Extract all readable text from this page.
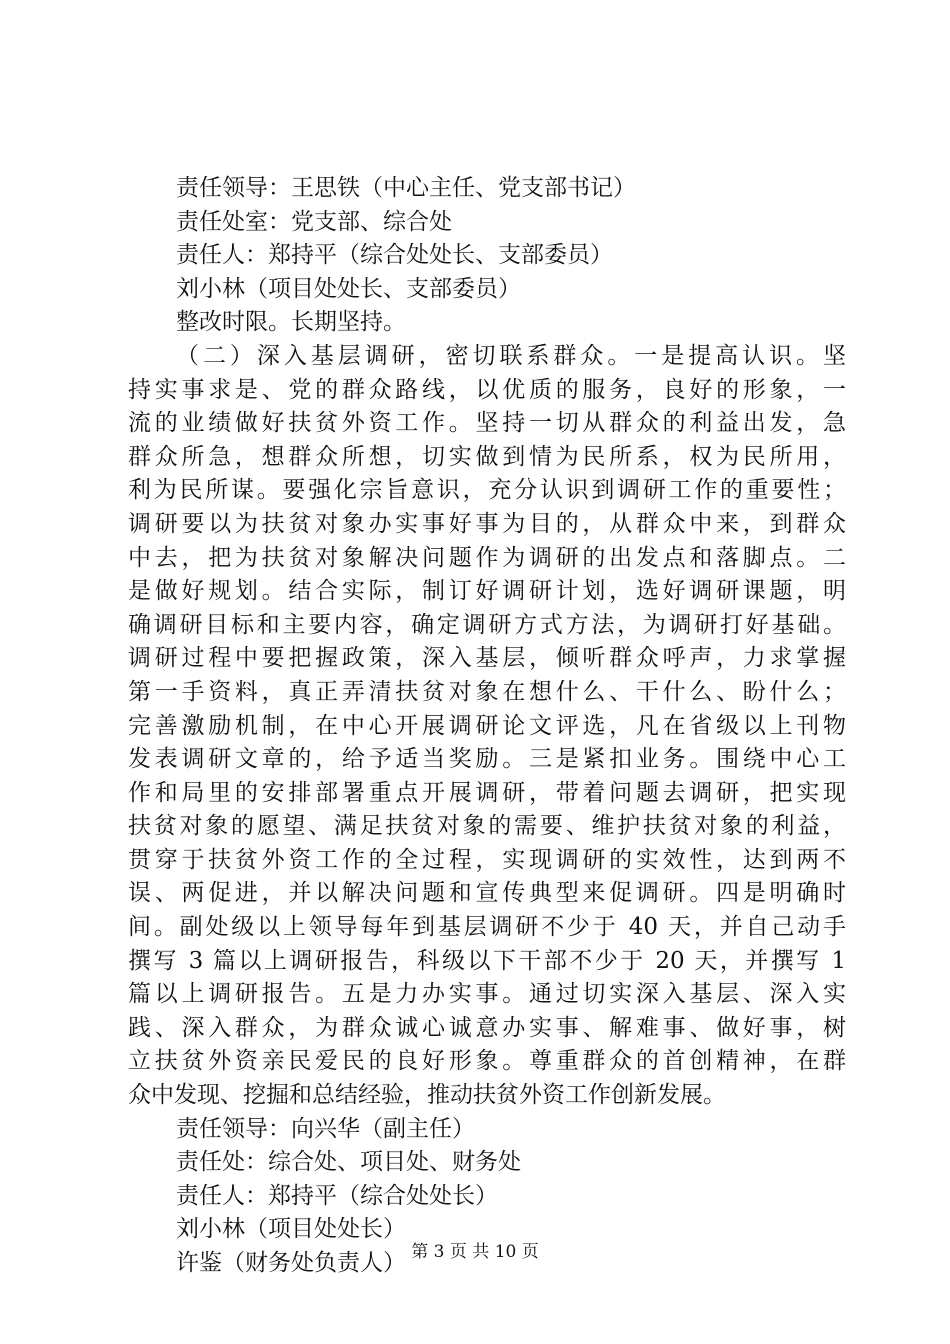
责任领导：王思铁（中心主任、党支部书记）
责任处室：党支部、综合处
责任人：郑持平（综合处处长、支部委员）
刘小林（项目处处长、支部委员）
整改时限。长期坚持。
（二）深入基层调研，密切联系群众。一是提高认识。坚
持实事求是、党的群众路线，以优质的服务，良好的形象，一
流的业绩做好扶贫外资工作。坚持一切从群众的利益出发，急
群众所急，想群众所想，切实做到情为民所系，权为民所用，
利为民所谋。要强化宗旨意识，充分认识到调研工作的重要性；
调研要以为扶贫对象办实事好事为目的，从群众中来，到群众
中去，把为扶贫对象解决问题作为调研的出发点和落脚点。二
是做好规划。结合实际，制订好调研计划，选好调研课题，明
确调研目标和主要内容，确定调研方式方法，为调研打好基础。
调研过程中要把握政策，深入基层，倾听群众呼声，力求掌握
第一手资料，真正弄清扶贫对象在想什么、干什么、盼什么；
完善激励机制，在中心开展调研论文评选，凡在省级以上刊物
发表调研文章的，给予适当奖励。三是紧扣业务。围绕中心工
作和局里的安排部署重点开展调研，带着问题去调研，把实现
扶贫对象的愿望、满足扶贫对象的需要、维护扶贫对象的利益，
贯穿于扶贫外资工作的全过程，实现调研的实效性，达到两不
误、两促进，并以解决问题和宣传典型来促调研。四是明确时
间。副处级以上领导每年到基层调研不少于 40 天，并自己动手
撰写 3 篇以上调研报告，科级以下干部不少于 20 天，并撰写 1
篇以上调研报告。五是力办实事。通过切实深入基层、深入实
践、深入群众，为群众诚心诚意办实事、解难事、做好事，树
立扶贫外资亲民爱民的良好形象。尊重群众的首创精神，在群
众中发现、挖掘和总结经验，推动扶贫外资工作创新发展。
责任领导：向兴华（副主任）
责任处：综合处、项目处、财务处
责任人：郑持平（综合处处长）
刘小林（项目处处长）
许鉴（财务处负责人） 第 3 页 共 10 页
